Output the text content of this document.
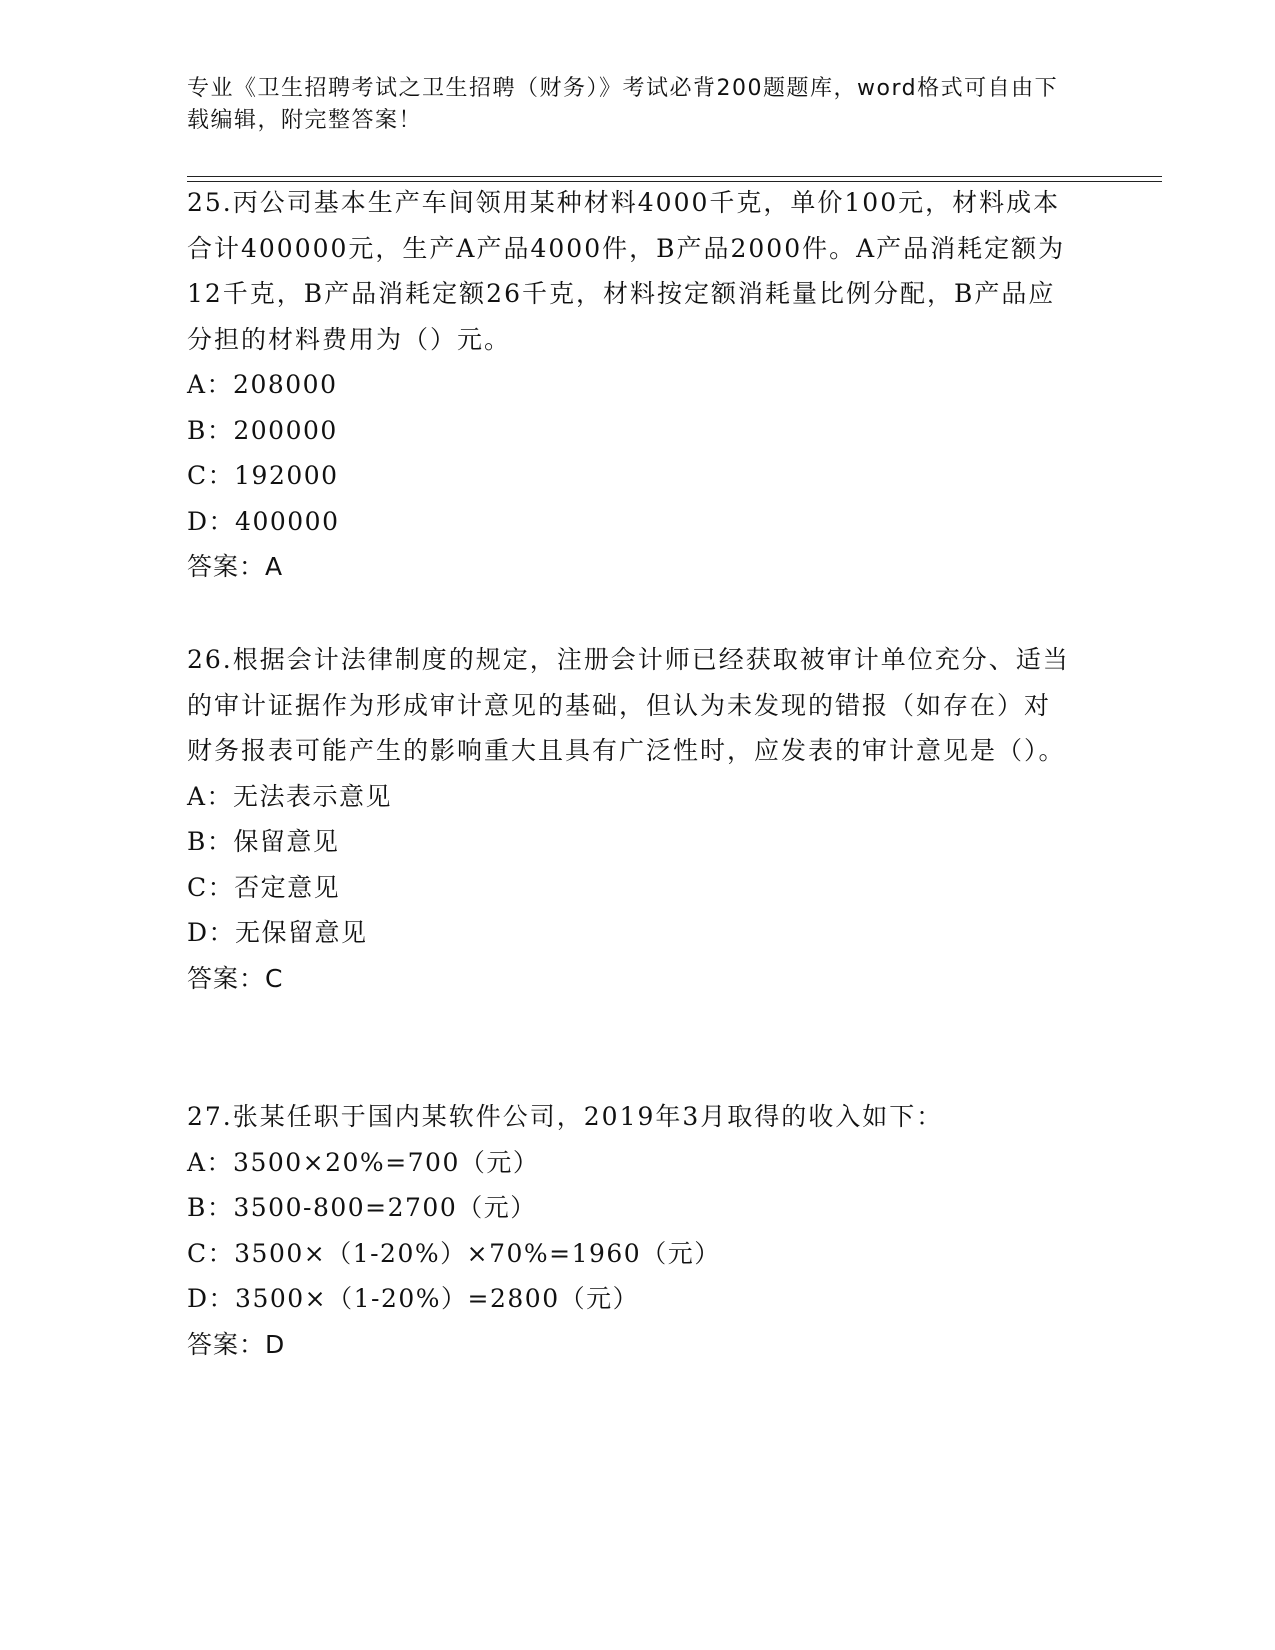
专业《卫生招聘考试之卫生招聘（财务）》考试必背200题题库，word格式可自由下载编辑，附完整答案！
25.丙公司基本生产车间领用某种材料4000千克，单价100元，材料成本合计400000元，生产A产品4000件，B产品2000件。A产品消耗定额为12千克，B产品消耗定额26千克，材料按定额消耗量比例分配，B产品应分担的材料费用为（）元。
A：208000
B：200000
C：192000
D：400000
答案：A
26.根据会计法律制度的规定，注册会计师已经获取被审计单位充分、适当的审计证据作为形成审计意见的基础，但认为未发现的错报（如存在）对财务报表可能产生的影响重大且具有广泛性时，应发表的审计意见是（）。
A：无法表示意见
B：保留意见
C：否定意见
D：无保留意见
答案：C
27.张某任职于国内某软件公司，2019年3月取得的收入如下：
A：3500×20%=700（元）
B：3500-800=2700（元）
C：3500×（1-20%）×70%=1960（元）
D：3500×（1-20%）=2800（元）
答案：D
